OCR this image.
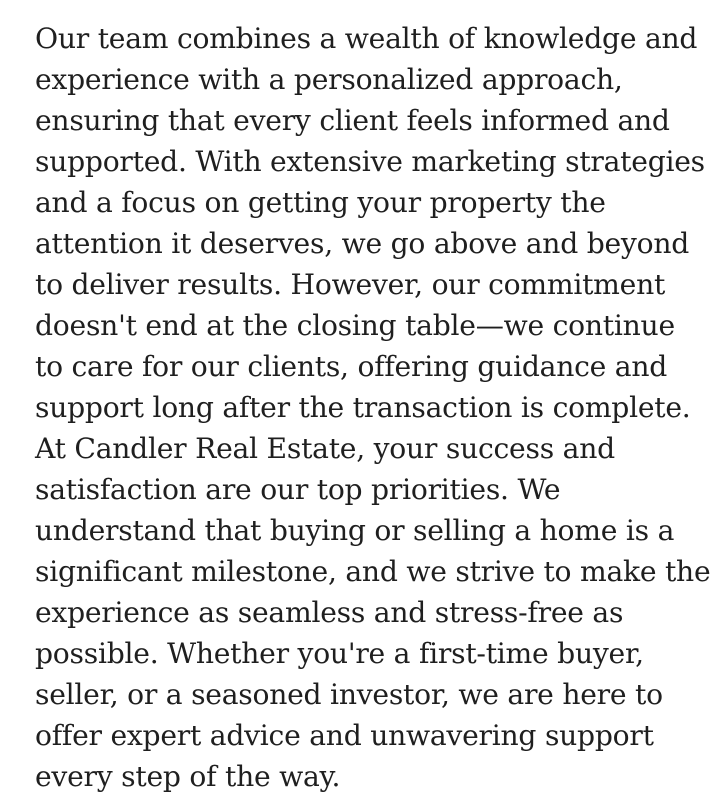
Our team combines a wealth of knowledge and
experience with a personalized approach,
ensuring that every client feels informed and
supported. With extensive marketing strategies
and a focus on getting your property the
attention it deserves, we go above and beyond
to deliver results. However, our commitment
doesn't end at the closing table—we continue
to care for our clients, offering guidance and
support long after the transaction is complete.
At Candler Real Estate, your success and
satisfaction are our top priorities. We
understand that buying or selling a home is a
significant milestone, and we strive to make the
experience as seamless and stress-free as
possible. Whether you're a first-time buyer,
seller, or a seasoned investor, we are here to
offer expert advice and unwavering support
every step of the way.
